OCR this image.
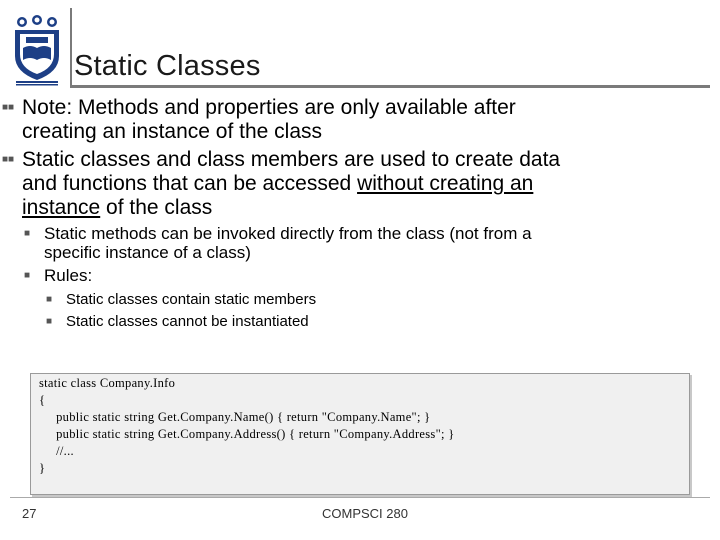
Static Classes
■■ Note: Methods and properties are only available after
creating an instance of the class
■■ Static classes and class members are used to create data
and functions that can be accessed without creating an
instance of the class
■ Static methods can be invoked directly from the class (not from a
specific instance of a class)
■ Rules:
■ Static classes contain static members
■ Static classes cannot be instantiated
static class Company.Info
{
public static string Get.Company.Name() { return "Company.Name"; }
public static string Get.Company.Address() { return "Company.Address"; }
//...
}
27	COMPSCI 280
